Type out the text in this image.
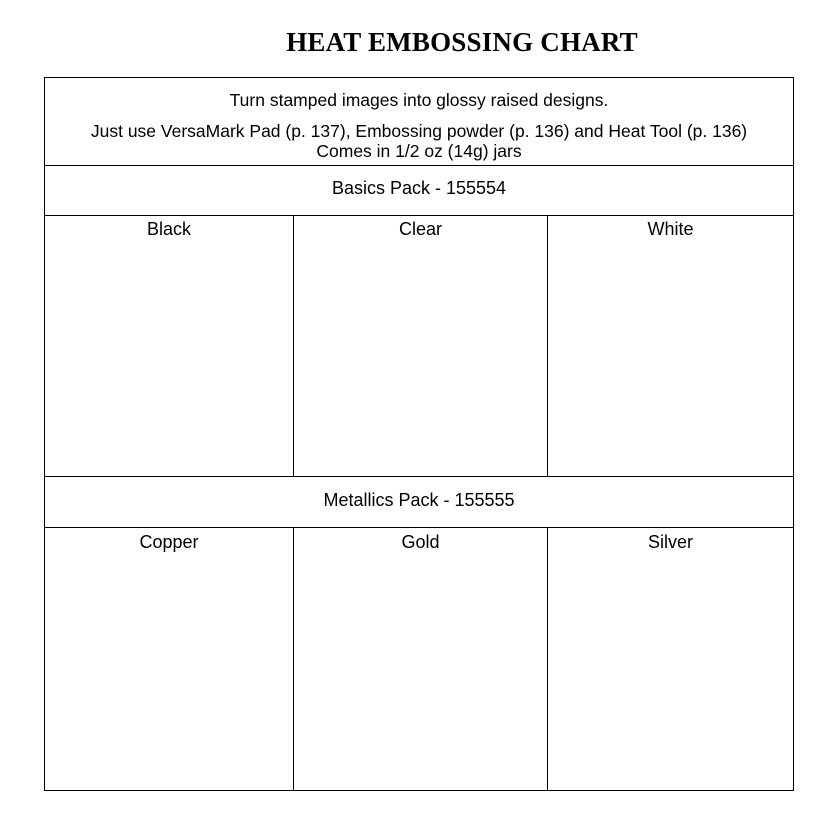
HEAT EMBOSSING CHART
Turn stamped images into glossy raised designs.
Just use VersaMark Pad (p. 137), Embossing powder (p. 136) and Heat Tool (p. 136)
Comes in 1/2 oz (14g) jars
Basics Pack - 155554
Black	Clear	White
Metallics Pack - 155555
Copper	Gold	Silver
